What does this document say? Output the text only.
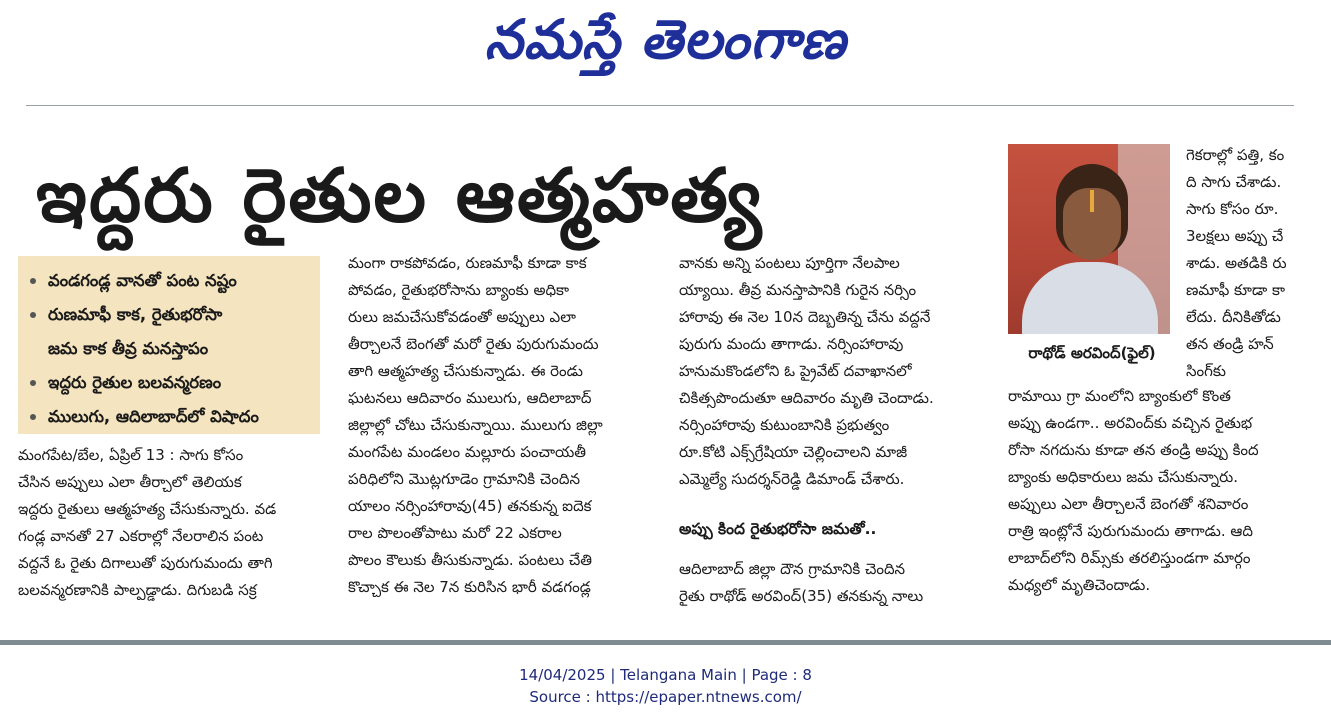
నమస్తే తెలంగాణ
ఇద్దరు రైతుల ఆత్మహత్య
వండగండ్ల వానతో పంట నష్టం
రుణమాఫీ కాక, రైతుభరోసా
జమ కాక తీవ్ర మనస్తాపం
ఇద్దరు రైతుల బలవన్మరణం
ములుగు, ఆదిలాబాద్‌లో విషాదం
మంగపేట/బేల, ఏప్రిల్ 13 : సాగు కోసం
చేసిన అప్పులు ఎలా తీర్చాలో తెలియక
ఇద్దరు రైతులు ఆత్మహత్య చేసుకున్నారు. వడ
గండ్ల వానతో 27 ఎకరాల్లో నేలరాలిన పంట
వద్దనే ఓ రైతు దిగాలుతో పురుగుమందు తాగి
బలవన్మరణానికి పాల్పడ్డాడు. దిగుబడి సక్ర
మంగా రాకపోవడం, రుణమాఫీ కూడా కాక
పోవడం, రైతుభరోసాను బ్యాంకు అధికా
రులు జమచేసుకోవడంతో అప్పులు ఎలా
తీర్చాలనే బెంగతో మరో రైతు పురుగుమందు
తాగి ఆత్మహత్య చేసుకున్నాడు. ఈ రెండు
ఘటనలు ఆదివారం ములుగు, ఆదిలాబాద్
జిల్లాల్లో చోటు చేసుకున్నాయి. ములుగు జిల్లా
మంగపేట మండలం మల్లూరు పంచాయతీ
పరిధిలోని మొట్లగూడెం గ్రామానికి చెందిన
యాలం నర్సింహారావు(45) తనకున్న ఐదెక
రాల పొలంతోపాటు మరో 22 ఎకరాల
పొలం కౌలుకు తీసుకున్నాడు. పంటలు చేతి
కొచ్చాక ఈ నెల 7న కురిసిన భారీ వడగండ్ల
వానకు అన్ని పంటలు పూర్తిగా నేలపాల
య్యాయి. తీవ్ర మనస్తాపానికి గురైన నర్సిం
హారావు ఈ నెల 10న దెబ్బతిన్న చేను వద్దనే
పురుగు మందు తాగాడు. నర్సింహారావు
హనుమకొండలోని ఓ ప్రైవేట్ దవాఖానలో
చికిత్సపొందుతూ ఆదివారం మృతి చెందాడు.
నర్సింహారావు కుటుంబానికి ప్రభుత్వం
రూ.కోటి ఎక్స్‌గ్రేషియా చెల్లించాలని మాజీ
ఎమ్మెల్యే సుదర్శన్‌రెడ్డి డిమాండ్ చేశారు.
అప్పు కింద రైతుభరోసా జమతో..
ఆదిలాబాద్ జిల్లా దౌన గ్రామానికి చెందిన
రైతు రాథోడ్ అరవింద్(35) తనకున్న నాలు
రాథోడ్ అరవింద్(ఫైల్)
గెకరాల్లో పత్తి, కం
ది సాగు చేశాడు.
సాగు కోసం రూ.
3లక్షలు అప్పు చే
శాడు. అతడికి రు
ణమాఫీ కూడా కా
లేదు. దీనికితోడు
తన తండ్రి హన్
సింగ్‌కు
రామాయి గ్రా మంలోని బ్యాంకులో కొంత
అప్పు ఉండగా.. అరవింద్‌కు వచ్చిన రైతుభ
రోసా నగదును కూడా తన తండ్రి అప్పు కింద
బ్యాంకు అధికారులు జమ చేసుకున్నారు.
అప్పులు ఎలా తీర్చాలనే బెంగతో శనివారం
రాత్రి ఇంట్లోనే పురుగుమందు తాగాడు. ఆది
లాబాద్‌లోని రిమ్స్‌కు తరలిస్తుండగా మార్గం
మధ్యలో మృతిచెందాడు.
14/04/2025 | Telangana Main | Page : 8
Source : https://epaper.ntnews.com/
